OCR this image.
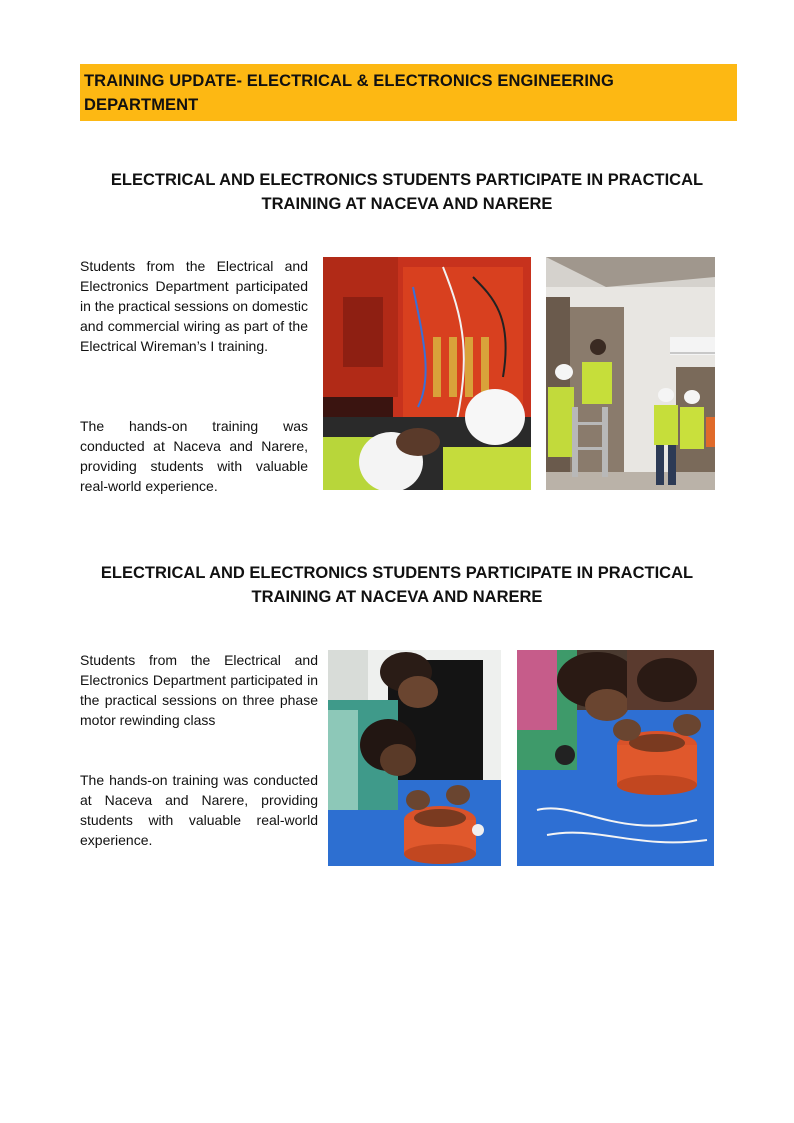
TRAINING UPDATE- ELECTRICAL & ELECTRONICS ENGINEERING DEPARTMENT
ELECTRICAL AND ELECTRONICS STUDENTS PARTICIPATE IN PRACTICAL TRAINING AT NACEVA AND NARERE

Students from the Electrical and Electronics Department participated in the practical sessions on domestic and commercial wiring as part of the Electrical Wireman’s I training.

The hands-on training was conducted at Naceva and Narere, providing students with valuable real-world experience.

ELECTRICAL AND ELECTRONICS STUDENTS PARTICIPATE IN PRACTICAL TRAINING AT NACEVA AND NARERE

Students from the Electrical and Electronics Department participated in the practical sessions on three phase motor rewinding class

The hands-on training was conducted at Naceva and Narere, providing students with valuable real-world experience.
